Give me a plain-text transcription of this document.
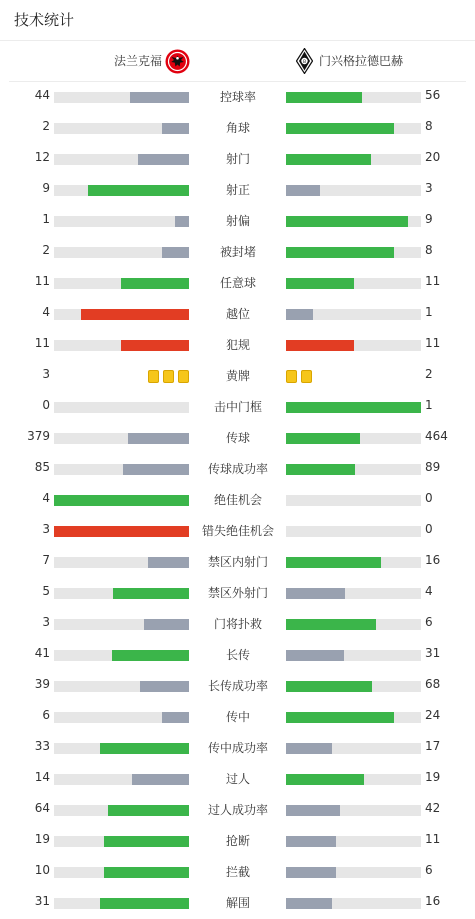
技术统计
法兰克福	B 门兴格拉德巴赫
44	控球率	56
2	角球	8
12	射门	20
9	射正	3
1	射偏	9
2	被封堵	8
11	任意球	11
4	越位	1
11	犯规	11
3	黄牌	2
0	击中门框	1
379	传球	464
85	传球成功率	89
4	绝佳机会	0
3	错失绝佳机会	0
7	禁区内射门	16
5	禁区外射门	4
3	门将扑救	6
41	长传	31
39	长传成功率	68
6	传中	24
33	传中成功率	17
14	过人	19
64	过人成功率	42
19	抢断	11
10	拦截	6
31	解围	16
